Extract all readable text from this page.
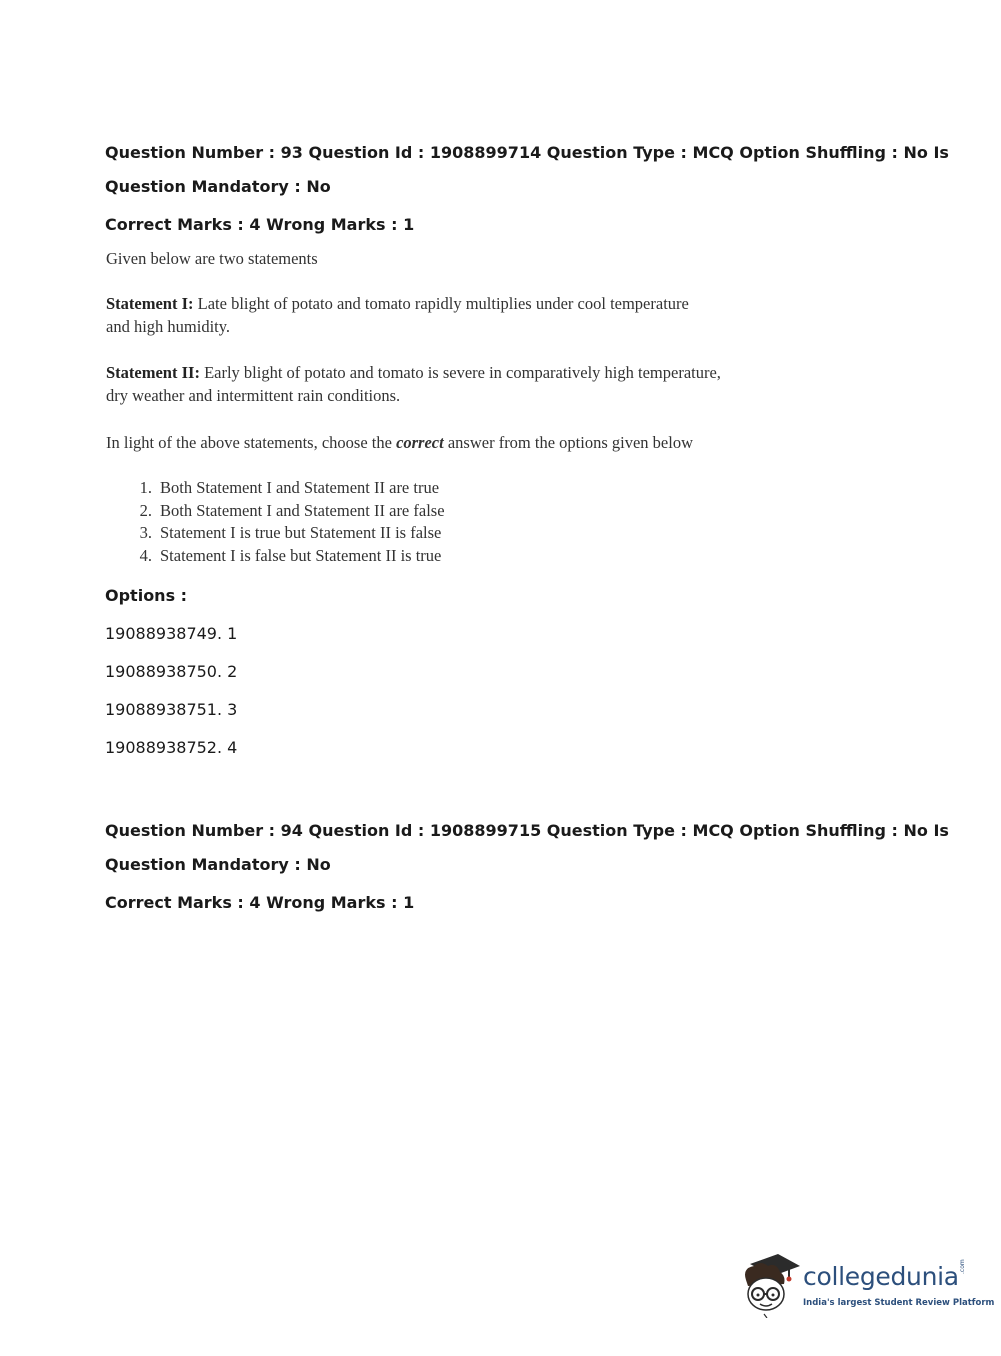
Question Number : 93 Question Id : 1908899714 Question Type : MCQ Option Shuffling : No Is

Question Mandatory : No

Correct Marks : 4 Wrong Marks : 1

Given below are two statements

Statement I: Late blight of potato and tomato rapidly multiplies under cool temperature and high humidity.

Statement II: Early blight of potato and tomato is severe in comparatively high temperature, dry weather and intermittent rain conditions.

In light of the above statements, choose the correct answer from the options given below

1. Both Statement I and Statement II are true
2. Both Statement I and Statement II are false
3. Statement I is true but Statement II is false
4. Statement I is false but Statement II is true

Options :

19088938749. 1

19088938750. 2

19088938751. 3

19088938752. 4

Question Number : 94 Question Id : 1908899715 Question Type : MCQ Option Shuffling : No Is

Question Mandatory : No

Correct Marks : 4 Wrong Marks : 1

collegedunia .com
India's largest Student Review Platform
